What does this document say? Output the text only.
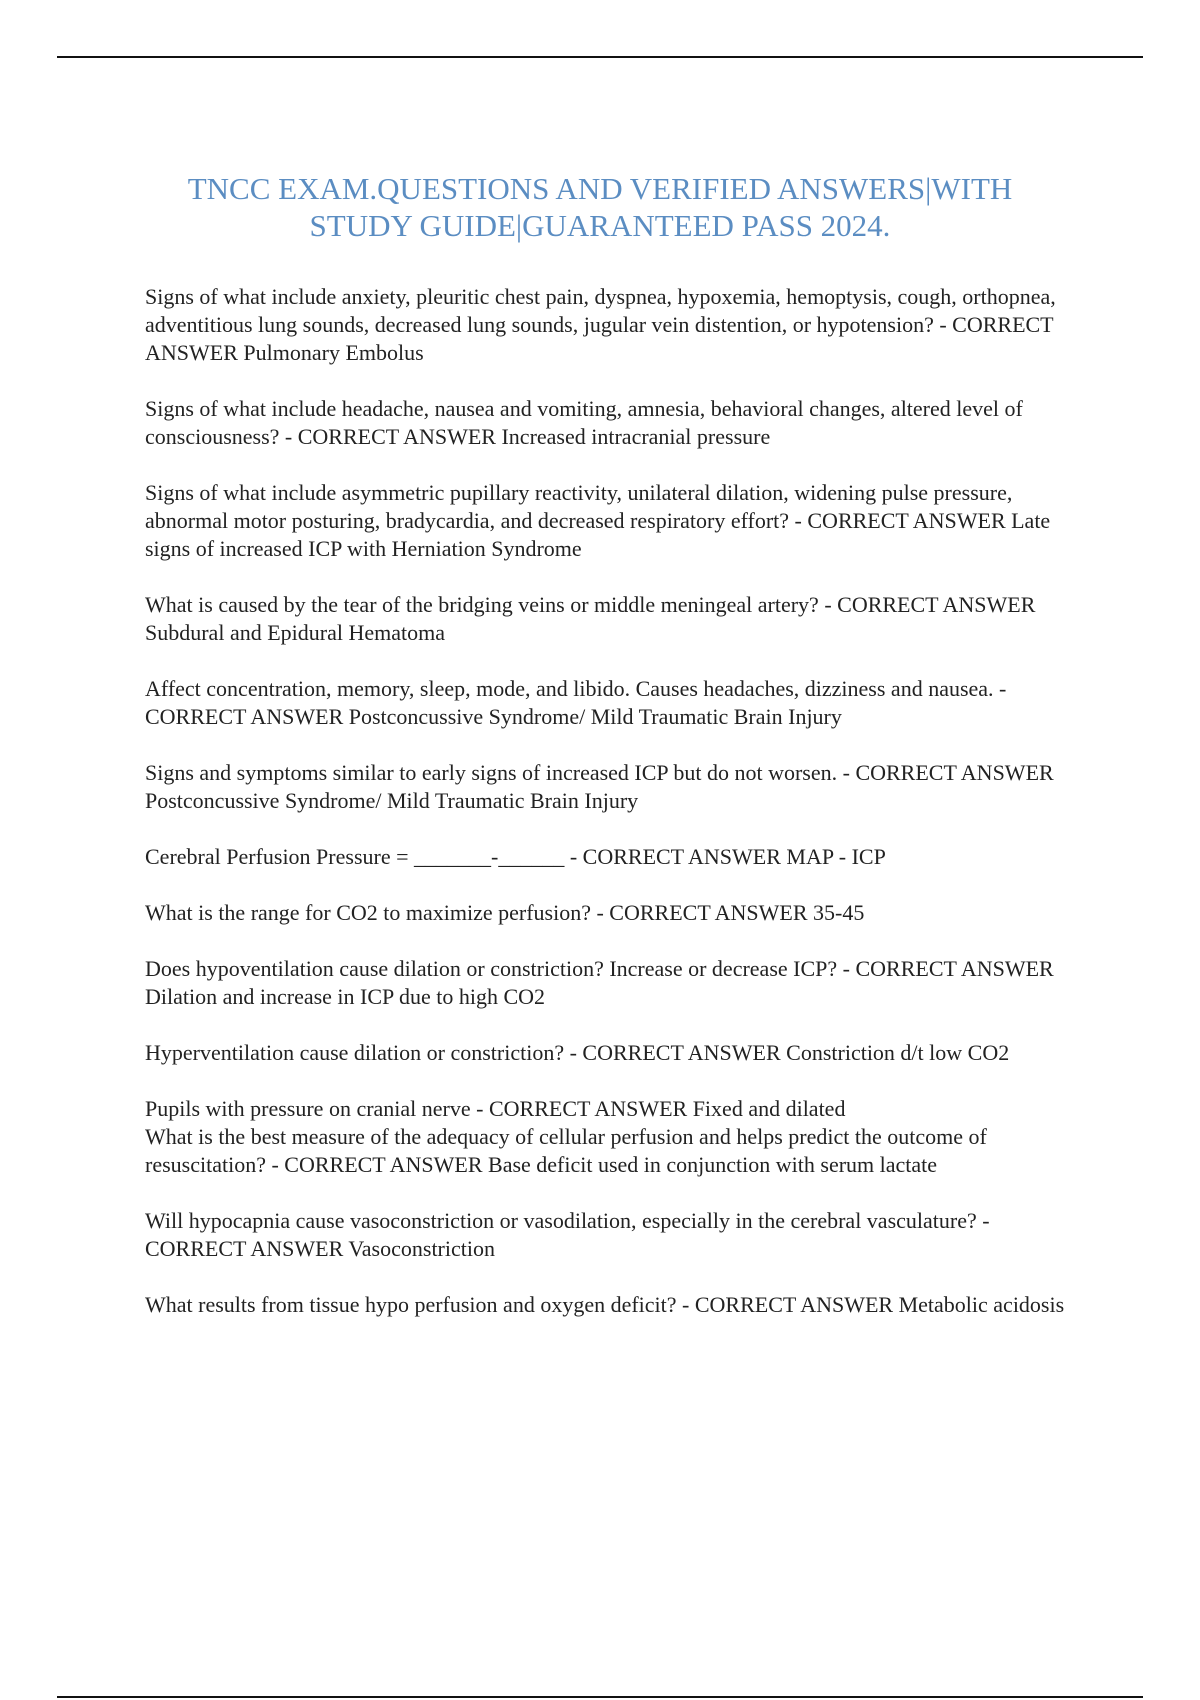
TNCC EXAM.QUESTIONS AND VERIFIED ANSWERS|WITH STUDY GUIDE|GUARANTEED PASS 2024.

Signs of what include anxiety, pleuritic chest pain, dyspnea, hypoxemia, hemoptysis, cough, orthopnea, adventitious lung sounds, decreased lung sounds, jugular vein distention, or hypotension? - CORRECT ANSWER Pulmonary Embolus

Signs of what include headache, nausea and vomiting, amnesia, behavioral changes, altered level of consciousness? - CORRECT ANSWER Increased intracranial pressure

Signs of what include asymmetric pupillary reactivity, unilateral dilation, widening pulse pressure, abnormal motor posturing, bradycardia, and decreased respiratory effort? - CORRECT ANSWER Late signs of increased ICP with Herniation Syndrome

What is caused by the tear of the bridging veins or middle meningeal artery? - CORRECT ANSWER Subdural and Epidural Hematoma

Affect concentration, memory, sleep, mode, and libido. Causes headaches, dizziness and nausea. - CORRECT ANSWER Postconcussive Syndrome/ Mild Traumatic Brain Injury

Signs and symptoms similar to early signs of increased ICP but do not worsen. - CORRECT ANSWER Postconcussive Syndrome/ Mild Traumatic Brain Injury

Cerebral Perfusion Pressure = _______-______ - CORRECT ANSWER MAP - ICP

What is the range for CO2 to maximize perfusion? - CORRECT ANSWER 35-45

Does hypoventilation cause dilation or constriction? Increase or decrease ICP? - CORRECT ANSWER Dilation and increase in ICP due to high CO2

Hyperventilation cause dilation or constriction? - CORRECT ANSWER Constriction d/t low CO2

Pupils with pressure on cranial nerve - CORRECT ANSWER Fixed and dilated

What is the best measure of the adequacy of cellular perfusion and helps predict the outcome of resuscitation? - CORRECT ANSWER Base deficit used in conjunction with serum lactate

Will hypocapnia cause vasoconstriction or vasodilation, especially in the cerebral vasculature? - CORRECT ANSWER Vasoconstriction

What results from tissue hypo perfusion and oxygen deficit? - CORRECT ANSWER Metabolic acidosis
